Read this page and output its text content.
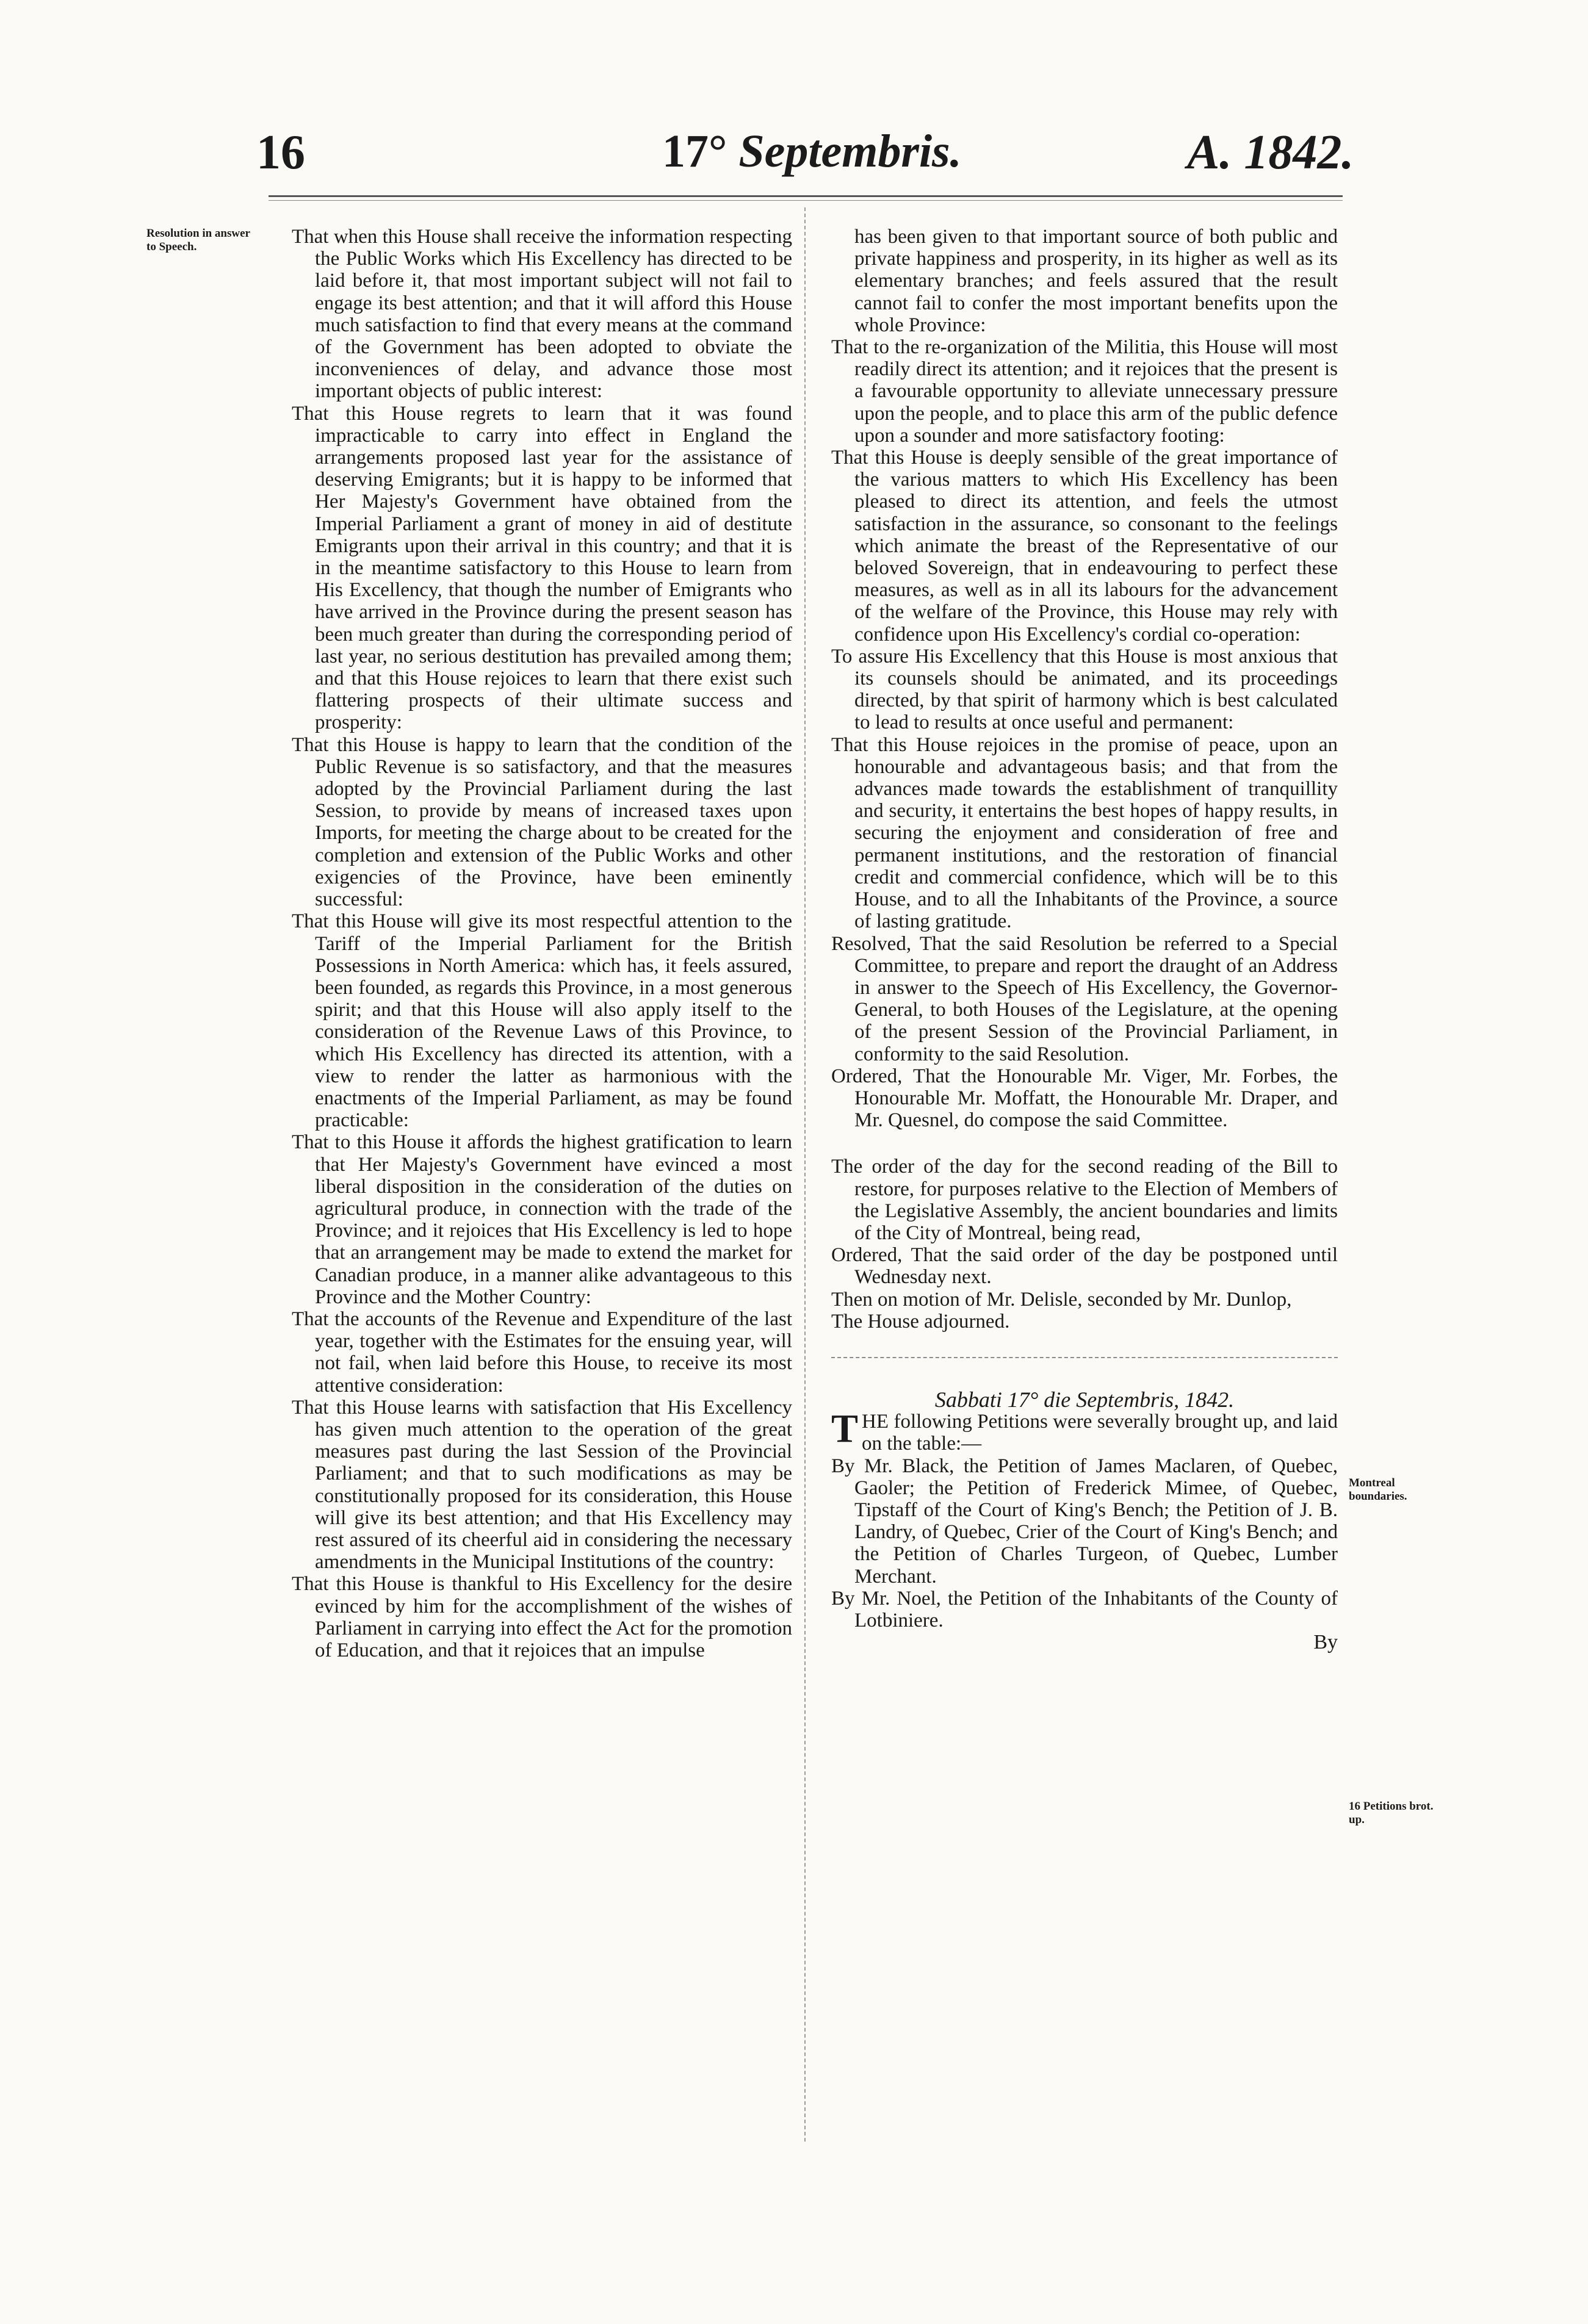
16	17° Septembris.	A. 1842.
Resolution in answer to Speech.
Montreal boundaries.
16 Petitions brot. up.

That when this House shall receive the information respecting the Public Works which His Excellency has directed to be laid before it, that most important subject will not fail to engage its best attention; and that it will afford this House much satisfaction to find that every means at the command of the Government has been adopted to obviate the inconveniences of delay, and advance those most important objects of public interest:

That this House regrets to learn that it was found impracticable to carry into effect in England the arrangements proposed last year for the assistance of deserving Emigrants; but it is happy to be informed that Her Majesty's Government have obtained from the Imperial Parliament a grant of money in aid of destitute Emigrants upon their arrival in this country; and that it is in the meantime satisfactory to this House to learn from His Excellency, that though the number of Emigrants who have arrived in the Province during the present season has been much greater than during the corresponding period of last year, no serious destitution has prevailed among them; and that this House rejoices to learn that there exist such flattering prospects of their ultimate success and prosperity:

That this House is happy to learn that the condition of the Public Revenue is so satisfactory, and that the measures adopted by the Provincial Parliament during the last Session, to provide by means of increased taxes upon Imports, for meeting the charge about to be created for the completion and extension of the Public Works and other exigencies of the Province, have been eminently successful:

That this House will give its most respectful attention to the Tariff of the Imperial Parliament for the British Possessions in North America: which has, it feels assured, been founded, as regards this Province, in a most generous spirit; and that this House will also apply itself to the consideration of the Revenue Laws of this Province, to which His Excellency has directed its attention, with a view to render the latter as harmonious with the enactments of the Imperial Parliament, as may be found practicable:

That to this House it affords the highest gratification to learn that Her Majesty's Government have evinced a most liberal disposition in the consideration of the duties on agricultural produce, in connection with the trade of the Province; and it rejoices that His Excellency is led to hope that an arrangement may be made to extend the market for Canadian produce, in a manner alike advantageous to this Province and the Mother Country:

That the accounts of the Revenue and Expenditure of the last year, together with the Estimates for the ensuing year, will not fail, when laid before this House, to receive its most attentive consideration:

That this House learns with satisfaction that His Excellency has given much attention to the operation of the great measures past during the last Session of the Provincial Parliament; and that to such modifications as may be constitutionally proposed for its consideration, this House will give its best attention; and that His Excellency may rest assured of its cheerful aid in considering the necessary amendments in the Municipal Institutions of the country:

That this House is thankful to His Excellency for the desire evinced by him for the accomplishment of the wishes of Parliament in carrying into effect the Act for the promotion of Education, and that it rejoices that an impulse

has been given to that important source of both public and private happiness and prosperity, in its higher as well as its elementary branches; and feels assured that the result cannot fail to confer the most important benefits upon the whole Province:

That to the re-organization of the Militia, this House will most readily direct its attention; and it rejoices that the present is a favourable opportunity to alleviate unnecessary pressure upon the people, and to place this arm of the public defence upon a sounder and more satisfactory footing:

That this House is deeply sensible of the great importance of the various matters to which His Excellency has been pleased to direct its attention, and feels the utmost satisfaction in the assurance, so consonant to the feelings which animate the breast of the Representative of our beloved Sovereign, that in endeavouring to perfect these measures, as well as in all its labours for the advancement of the welfare of the Province, this House may rely with confidence upon His Excellency's cordial co-operation:

To assure His Excellency that this House is most anxious that its counsels should be animated, and its proceedings directed, by that spirit of harmony which is best calculated to lead to results at once useful and permanent:

That this House rejoices in the promise of peace, upon an honourable and advantageous basis; and that from the advances made towards the establishment of tranquillity and security, it entertains the best hopes of happy results, in securing the enjoyment and consideration of free and permanent institutions, and the restoration of financial credit and commercial confidence, which will be to this House, and to all the Inhabitants of the Province, a source of lasting gratitude.

Resolved, That the said Resolution be referred to a Special Committee, to prepare and report the draught of an Address in answer to the Speech of His Excellency, the Governor-General, to both Houses of the Legislature, at the opening of the present Session of the Provincial Parliament, in conformity to the said Resolution.

Ordered, That the Honourable Mr. Viger, Mr. Forbes, the Honourable Mr. Moffatt, the Honourable Mr. Draper, and Mr. Quesnel, do compose the said Committee.

The order of the day for the second reading of the Bill to restore, for purposes relative to the Election of Members of the Legislative Assembly, the ancient boundaries and limits of the City of Montreal, being read,

Ordered, That the said order of the day be postponed until Wednesday next.

Then on motion of Mr. Delisle, seconded by Mr. Dunlop,

The House adjourned.

Sabbati 17° die Septembris, 1842.

THE following Petitions were severally brought up, and laid on the table:—

By Mr. Black, the Petition of James Maclaren, of Quebec, Gaoler; the Petition of Frederick Mimee, of Quebec, Tipstaff of the Court of King's Bench; the Petition of J. B. Landry, of Quebec, Crier of the Court of King's Bench; and the Petition of Charles Turgeon, of Quebec, Lumber Merchant.

By Mr. Noel, the Petition of the Inhabitants of the County of Lotbiniere.

By
